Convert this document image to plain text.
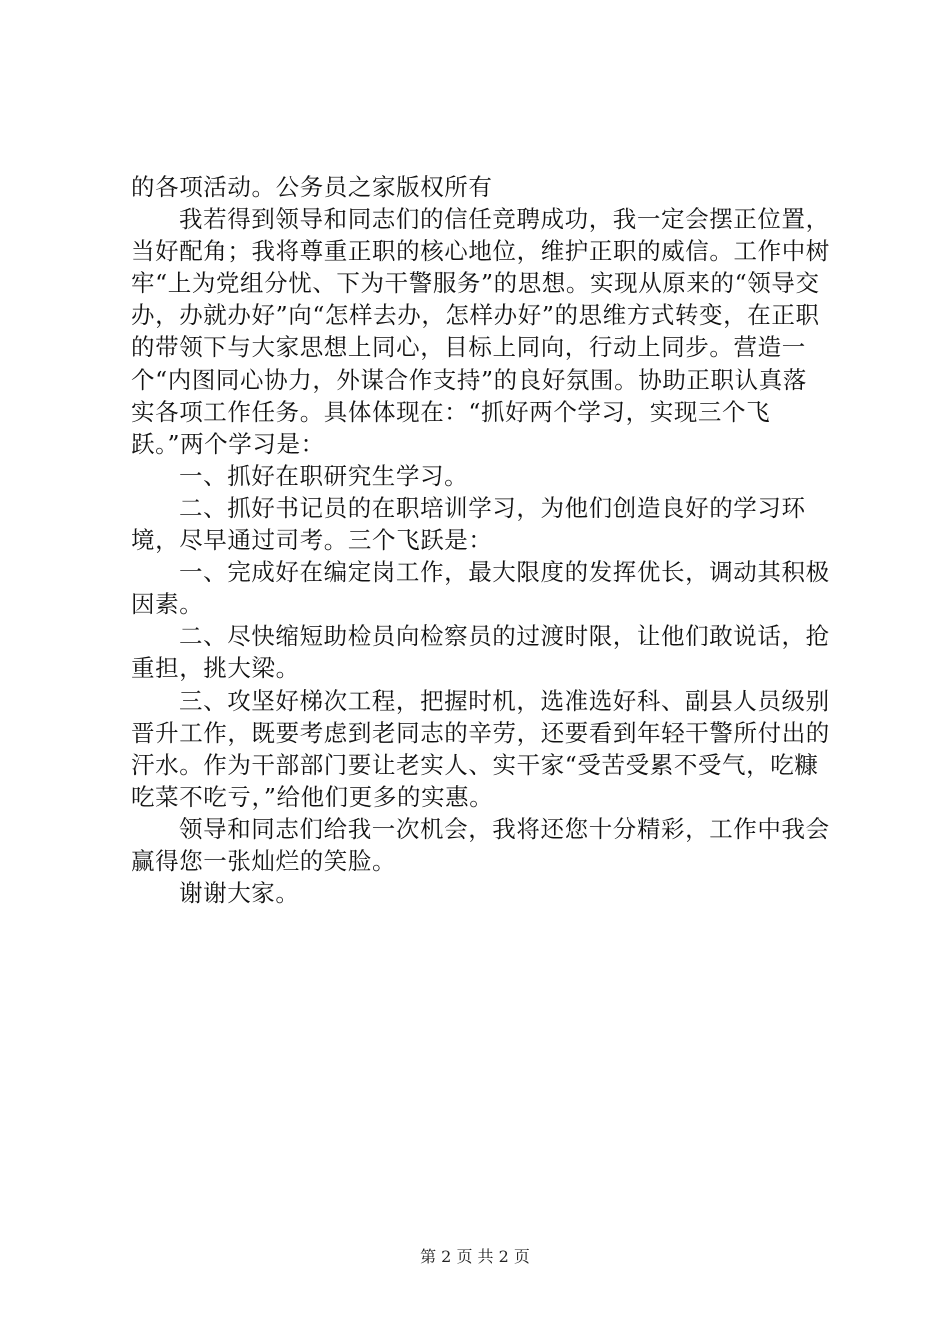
的各项活动。公务员之家版权所有

我若得到领导和同志们的信任竞聘成功，我一定会摆正位置，当好配角；我将尊重正职的核心地位，维护正职的威信。工作中树牢“上为党组分忧、下为干警服务”的思想。实现从原来的“领导交办，办就办好”向“怎样去办，怎样办好”的思维方式转变，在正职的带领下与大家思想上同心，目标上同向，行动上同步。营造一个“内图同心协力，外谋合作支持”的良好氛围。协助正职认真落实各项工作任务。具体体现在：“抓好两个学习，实现三个飞跃。”两个学习是：

一、抓好在职研究生学习。

二、抓好书记员的在职培训学习，为他们创造良好的学习环境，尽早通过司考。三个飞跃是：

一、完成好在编定岗工作，最大限度的发挥优长，调动其积极因素。

二、尽快缩短助检员向检察员的过渡时限，让他们敢说话，抢重担，挑大梁。

三、攻坚好梯次工程，把握时机，选准选好科、副县人员级别晋升工作，既要考虑到老同志的辛劳，还要看到年轻干警所付出的汗水。作为干部部门要让老实人、实干家“受苦受累不受气，吃糠吃菜不吃亏，”给他们更多的实惠。

领导和同志们给我一次机会，我将还您十分精彩，工作中我会赢得您一张灿烂的笑脸。

谢谢大家。

第 2 页 共 2 页
